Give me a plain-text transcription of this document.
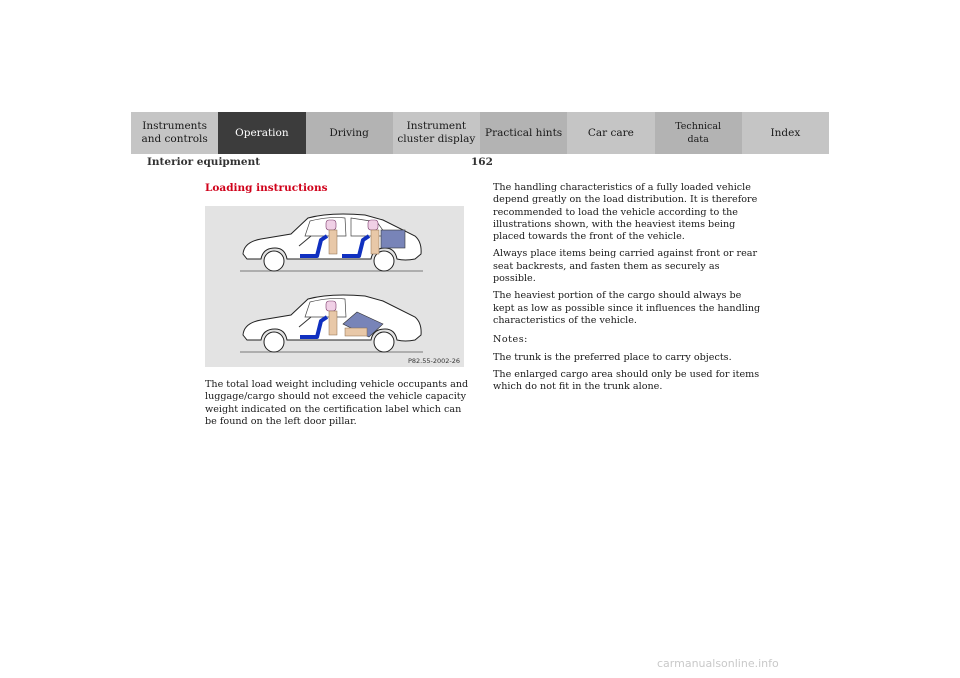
Instruments
and controls
Operation	Driving
Instrument
cluster display
Practical hints	Car care	Technical
data
Index
Interior equipment	162
Loading instructions
P82.55-2002-26

The total load weight including vehicle occupants and luggage/cargo should not exceed the vehicle capacity weight indicated on the certification label which can be found on the left door pillar.

The handling characteristics of a fully loaded vehicle depend greatly on the load distribution. It is therefore recommended to load the vehicle according to the illustrations shown, with the heaviest items being placed towards the front of the vehicle.

Always place items being carried against front or rear seat backrests, and fasten them as securely as possible.

The heaviest portion of the cargo should always be kept as low as possible since it influences the handling characteristics of the vehicle.

Notes:

The trunk is the preferred place to carry objects.

The enlarged cargo area should only be used for items which do not fit in the trunk alone.

carmanualsonline.info
